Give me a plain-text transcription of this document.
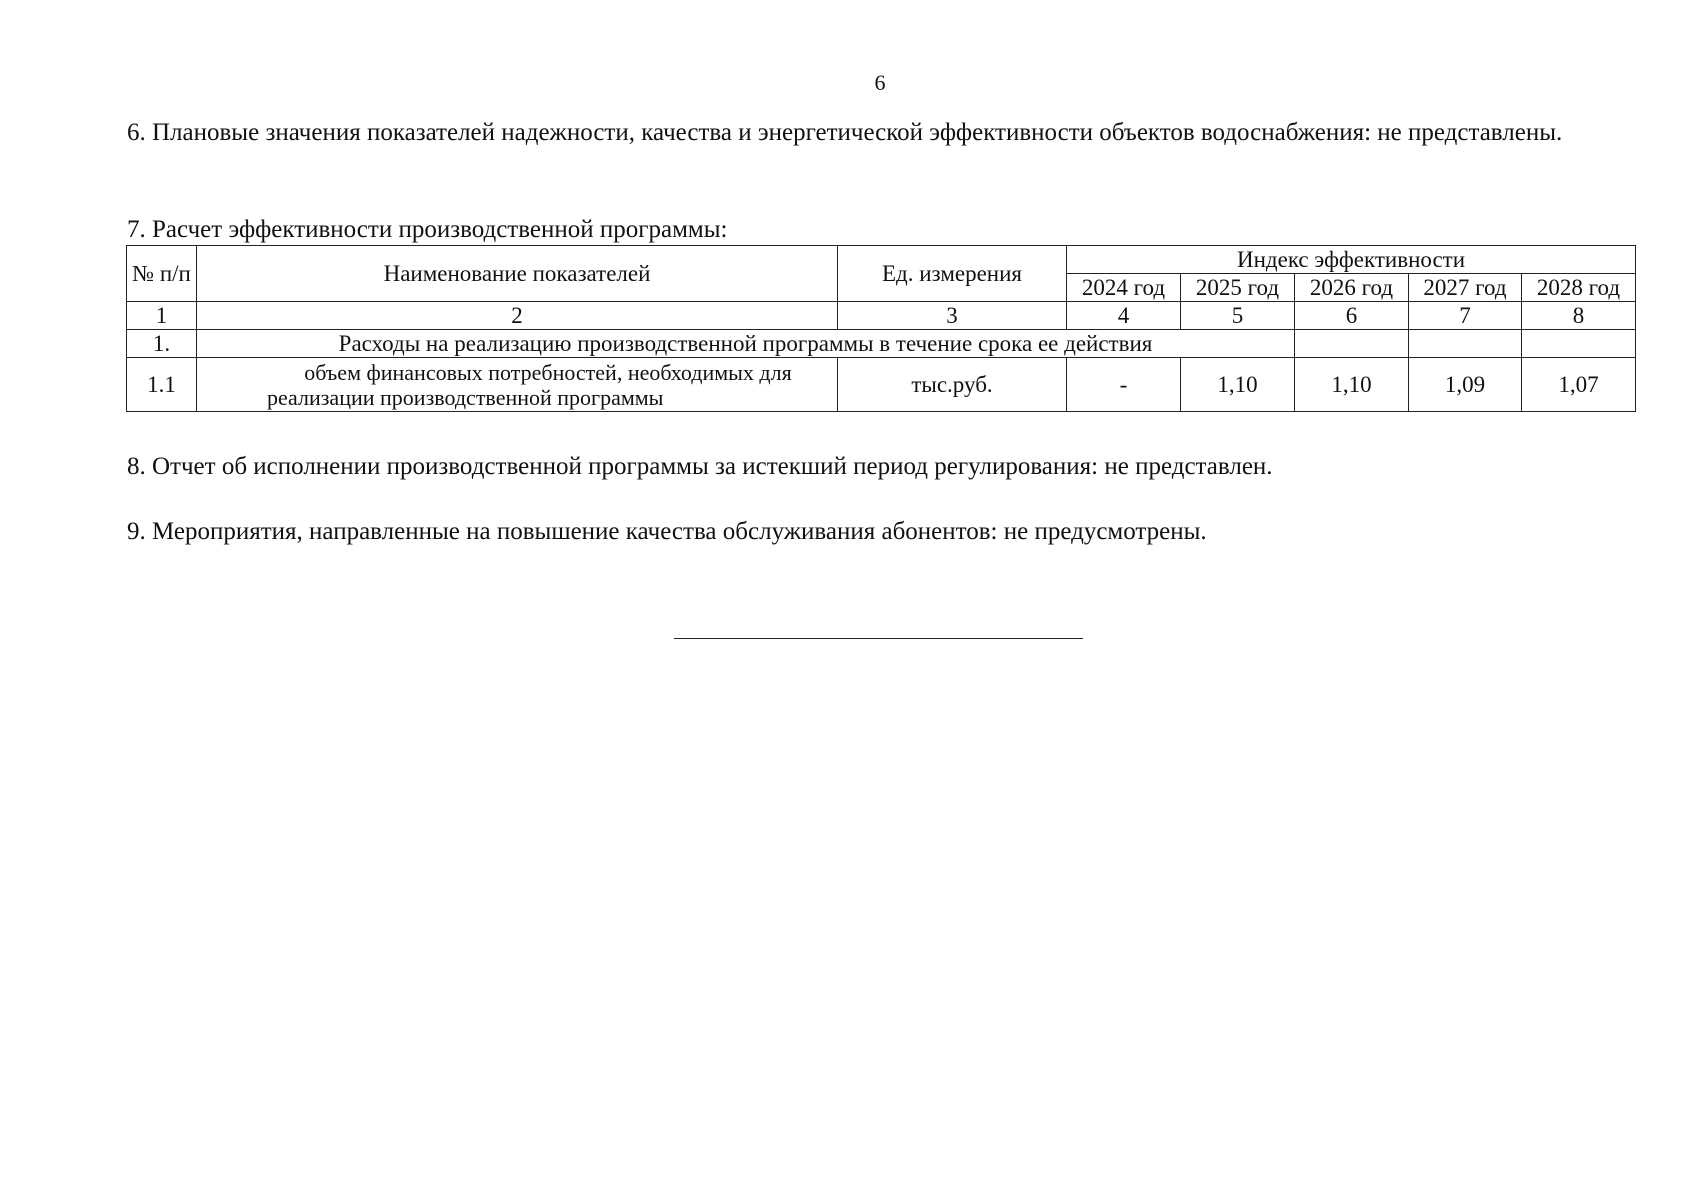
6
6. Плановые значения показателей надежности, качества и энергетической эффективности объектов водоснабжения: не представлены.
7. Расчет эффективности производственной программы:
№ п/п	Наименование показателей	Ед. измерения	Индекс эффективности				
			2024 год	2025 год	2026 год	2027 год	2028 год
1	2	3	4	5	6	7	8
1.	Расходы на реализацию производственной программы в течение срока ее действия						
1.1	объем финансовых потребностей, необходимых для реализации производственной программы	тыс.руб.	-	1,10	1,10	1,09	1,07
8. Отчет об исполнении производственной программы за истекший период регулирования: не представлен.
9. Мероприятия, направленные на повышение качества обслуживания абонентов: не предусмотрены.
